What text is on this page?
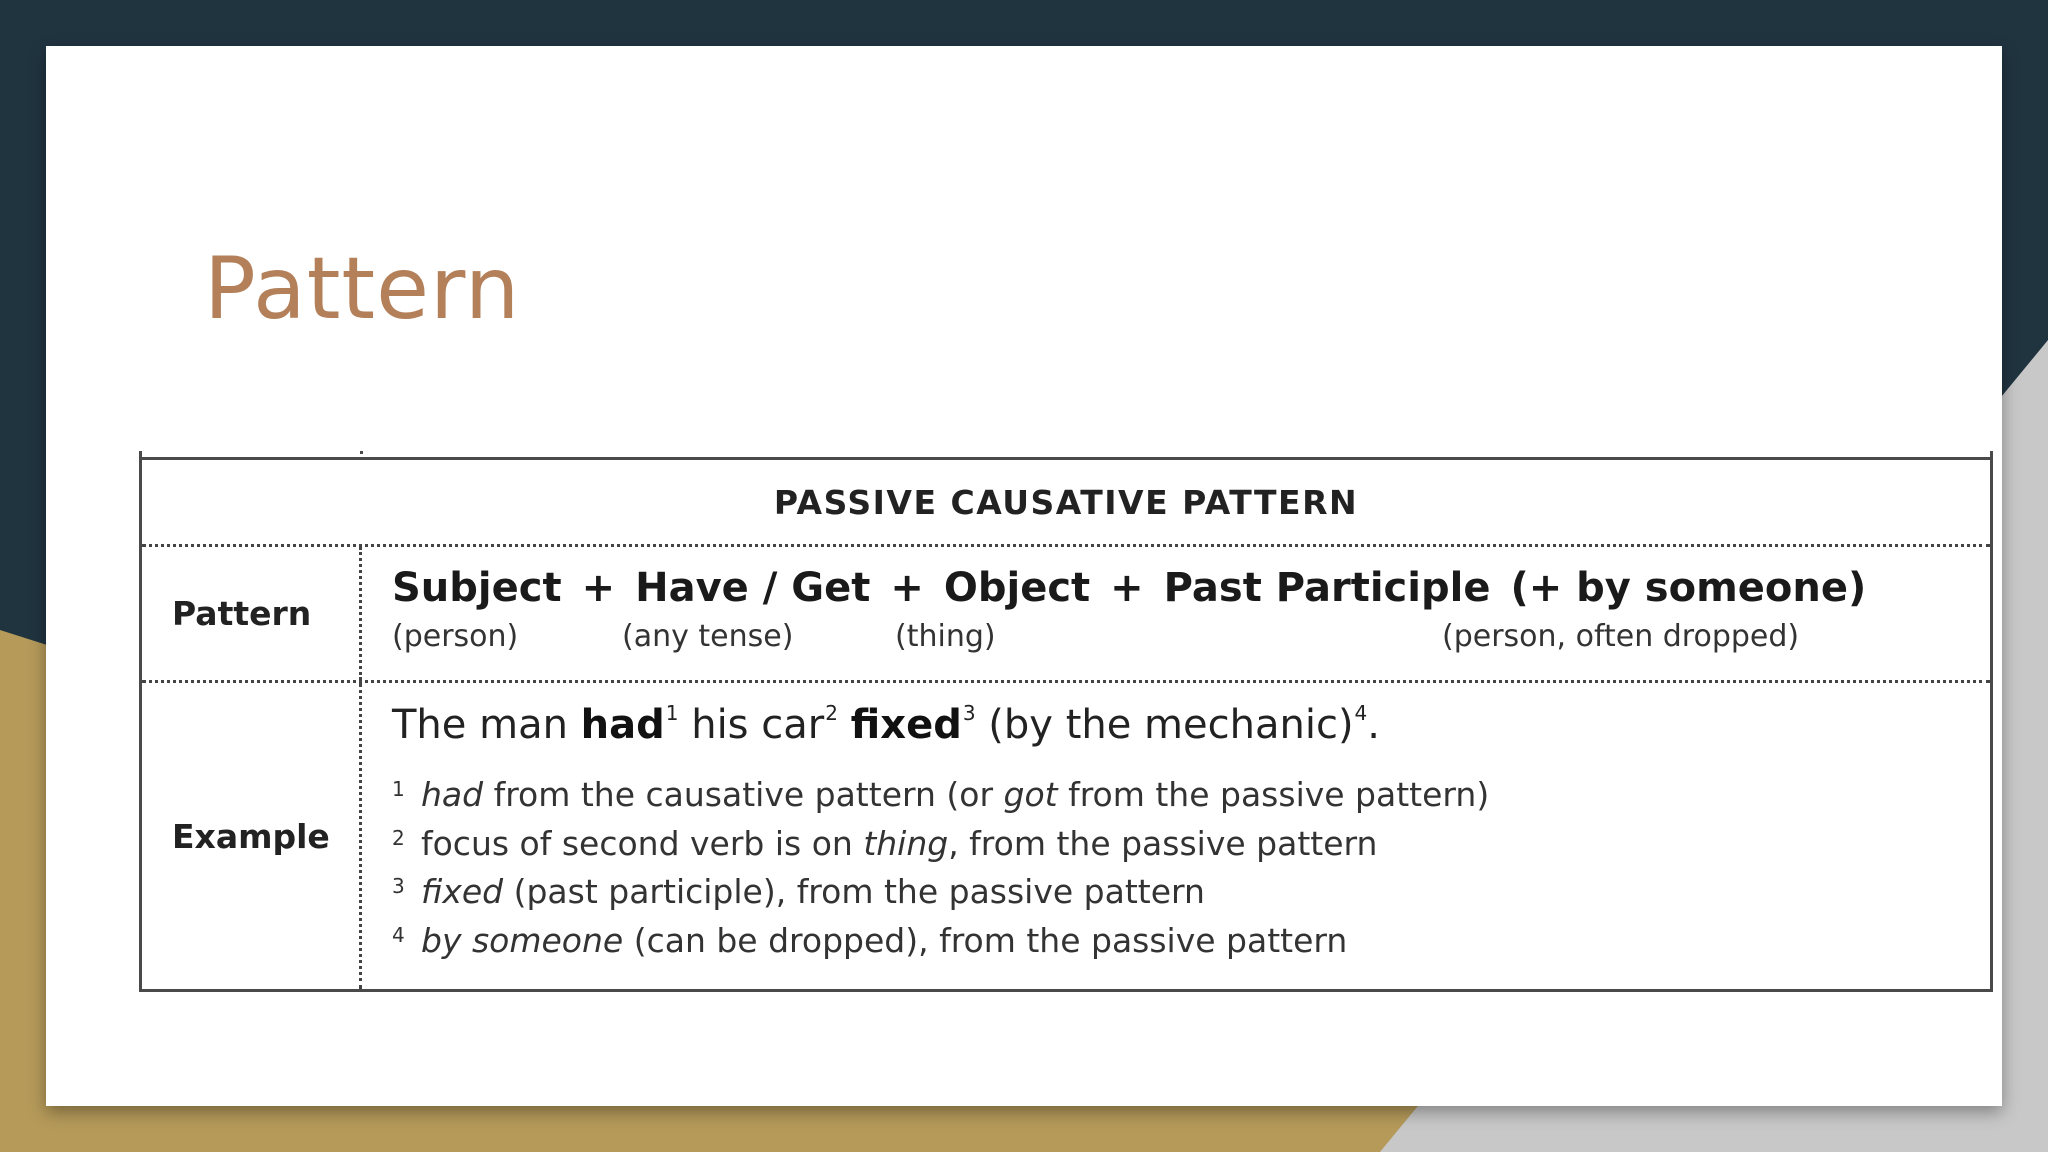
Pattern
PASSIVE CAUSATIVE PATTERN
Pattern
Subject + Have / Get + Object + Past Participle (+ by someone)
(person)	(any tense)	(thing)	(person, often dropped)
Example
The man had$^1$ his car$^2$ fixed$^3$ (by the mechanic)$^4$.
1 had from the causative pattern (or got from the passive pattern)
2 focus of second verb is on thing , from the passive pattern
3 fixed (past participle), from the passive pattern
4 by someone (can be dropped), from the passive pattern
